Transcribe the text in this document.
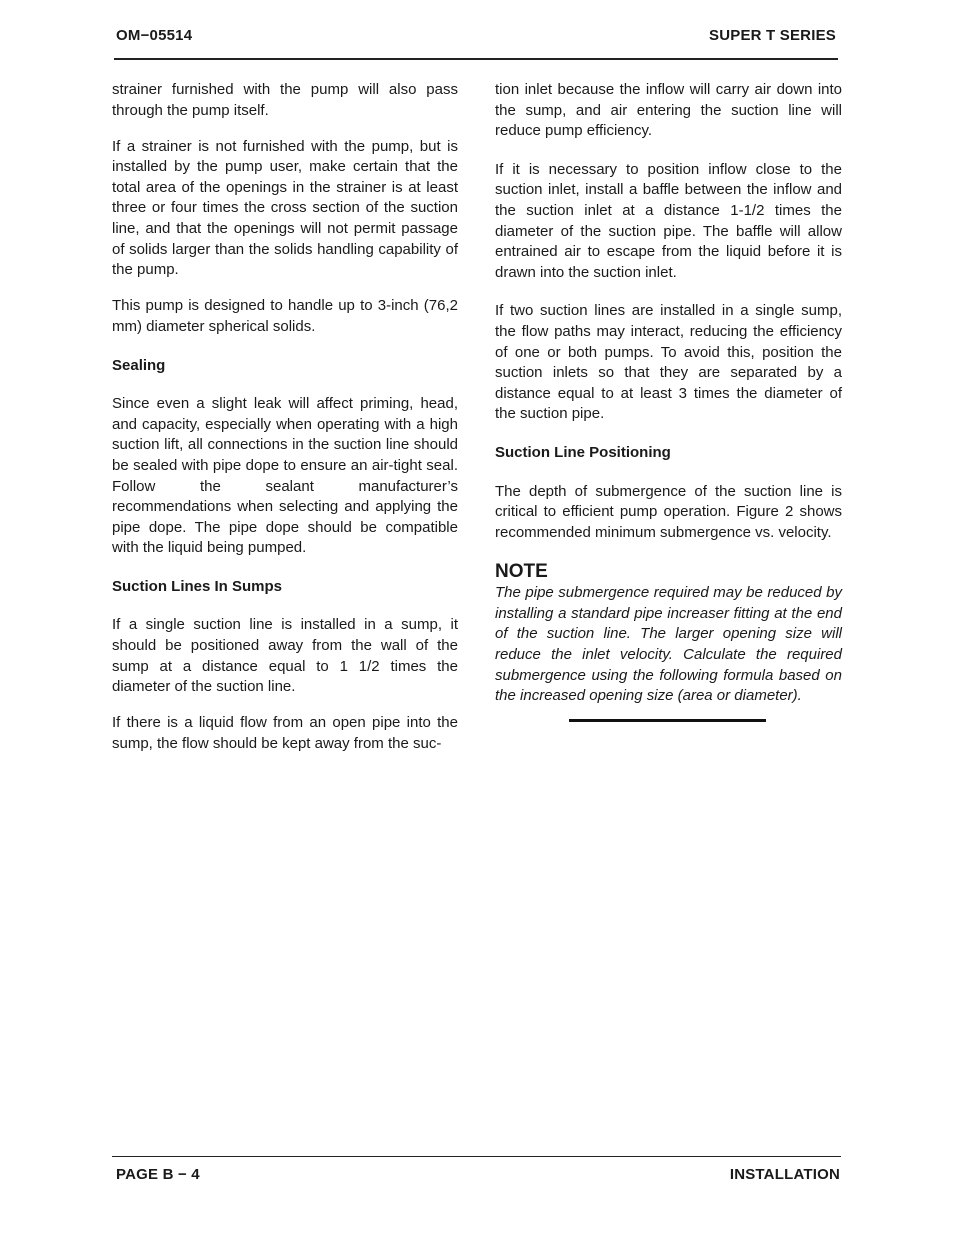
OM−05514	SUPER T SERIES

strainer furnished with the pump will also pass through the pump itself.

If a strainer is not furnished with the pump, but is installed by the pump user, make certain that the total area of the openings in the strainer is at least three or four times the cross section of the suction line, and that the openings will not permit passage of solids larger than the solids handling capability of the pump.

This pump is designed to handle up to 3-inch (76,2 mm) diameter spherical solids.

Sealing

Since even a slight leak will affect priming, head, and capacity, especially when operating with a high suction lift, all connections in the suction line should be sealed with pipe dope to ensure an air-tight seal. Follow the sealant manufacturer’s recommendations when selecting and applying the pipe dope. The pipe dope should be compatible with the liquid being pumped.

Suction Lines In Sumps

If a single suction line is installed in a sump, it should be positioned away from the wall of the sump at a distance equal to 1 1/2 times the diameter of the suction line.

If there is a liquid flow from an open pipe into the sump, the flow should be kept away from the suc-

tion inlet because the inflow will carry air down into the sump, and air entering the suction line will reduce pump efficiency.

If it is necessary to position inflow close to the suction inlet, install a baffle between the inflow and the suction inlet at a distance 1-1/2 times the diameter of the suction pipe. The baffle will allow entrained air to escape from the liquid before it is drawn into the suction inlet.

If two suction lines are installed in a single sump, the flow paths may interact, reducing the efficiency of one or both pumps. To avoid this, position the suction inlets so that they are separated by a distance equal to at least 3 times the diameter of the suction pipe.

Suction Line Positioning

The depth of submergence of the suction line is critical to efficient pump operation. Figure 2 shows recommended minimum submergence vs. velocity.

NOTE

The pipe submergence required may be reduced by installing a standard pipe increaser fitting at the end of the suction line. The larger opening size will reduce the inlet velocity. Calculate the required submergence using the following formula based on the increased opening size (area or diameter).

PAGE B − 4	INSTALLATION
